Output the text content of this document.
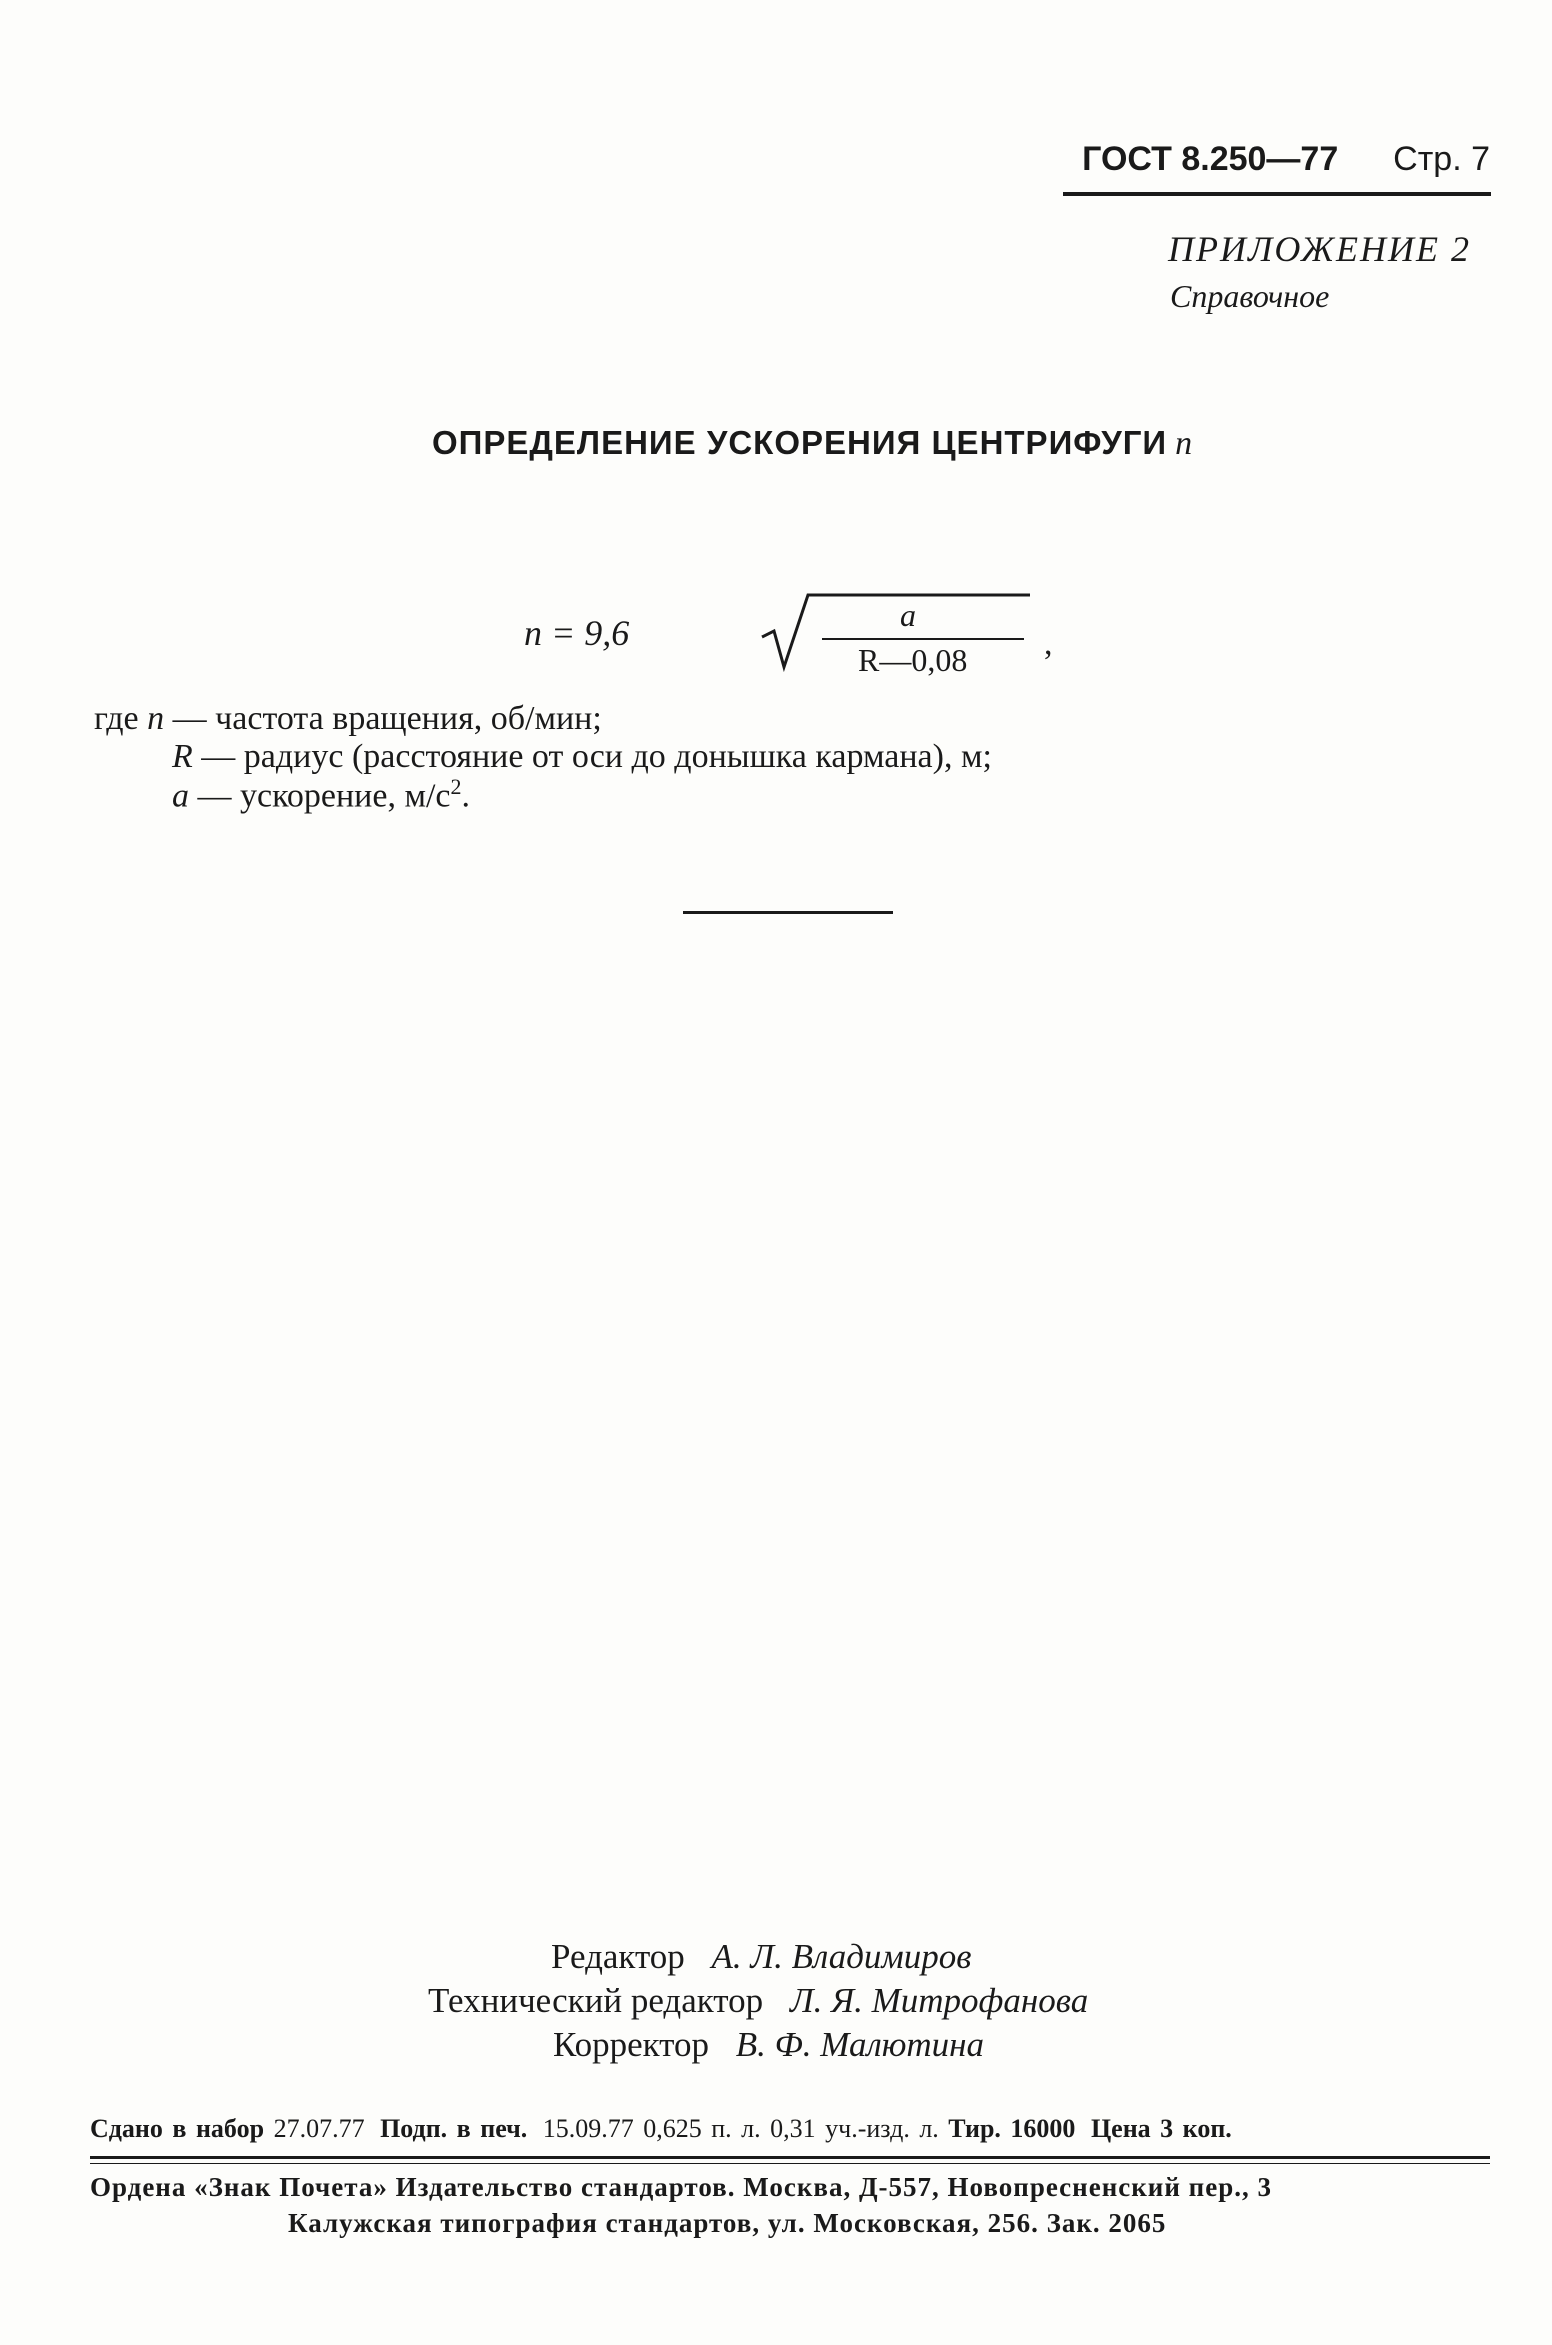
ГОСТ 8.250—77 Стр. 7
ПРИЛОЖЕНИЕ 2
Справочное
ОПРЕДЕЛЕНИЕ УСКОРЕНИЯ ЦЕНТРИФУГИ n
n = 9,6	a
R—0,08 ,
где n — частота вращения, об/мин;
R — радиус (расстояние от оси до донышка кармана), м;
a — ускорение, $м/с^2$.
Редактор А. Л. Владимиров
Технический редактор Л. Я. Митрофанова
Корректор В. Ф. Малютина
Сдано в набор 27.07.77 Подп. в печ. 15.09.77 0,625 п. л. 0,31 уч.-изд. л. Тир. 16000 Цена 3 коп.
Ордена «Знак Почета» Издательство стандартов. Москва, Д-557, Новопресненский пер., 3
Калужская типография стандартов, ул. Московская, 256. Зак. 2065
